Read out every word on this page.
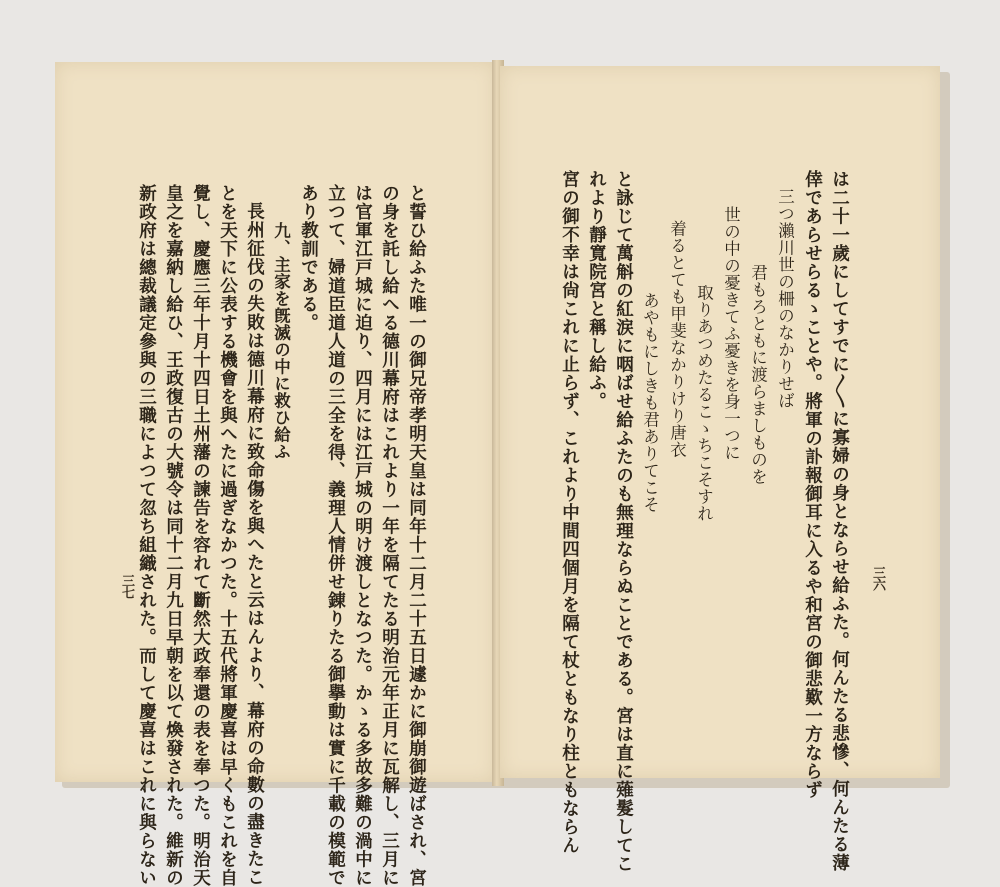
と誓ひ給ふた唯一の御兄帝孝明天皇は同年十二月二十五日遽かに御崩御遊ばされ、宮
の身を託し給へる德川幕府はこれより一年を隔てたる明治元年正月に瓦解し、三月に
は官軍江戸城に迫り、四月には江戸城の明け渡しとなつた。かゝる多故多難の渦中に
立つて、婦道臣道人道の三全を得、義理人情併せ錬りたる御擧動は實に千載の模範で
あり教訓である。
九、主家を旣滅の中に救ひ給ふ
長州征伐の失敗は德川幕府に致命傷を與へたと云はんより、幕府の命數の盡きたこ
とを天下に公表する機會を與へたに過ぎなかつた。十五代將軍慶喜は早くもこれを自
覺し、慶應三年十月十四日土州藩の諫告を容れて斷然大政奉還の表を奉つた。明治天
皇之を嘉納し給ひ、王政復古の大號令は同十二月九日早朝を以て煥發された。維新の
新政府は總裁議定參與の三職によつて忽ち組織された。而して慶喜はこれに與らない
三七	三六
は二十一歲にしてすでに〳〵に寡婦の身とならせ給ふた。何んたる悲慘、何んたる薄
倖であらせらるゝことや。將軍の訃報御耳に入るや和宮の御悲歎一方ならず
三つ瀨川世の柵のなかりせば
君もろともに渡らましものを
世の中の憂きてふ憂きを身一つに
取りあつめたるこゝちこそすれ
着るとても甲斐なかりけり唐衣
あやもにしきも君ありてこそ
と詠じて萬斛の紅涙に咽ばせ給ふたのも無理ならぬことである。宮は直に薙髮してこ
れより靜寬院宮と稱し給ふ。
宮の御不幸は尙これに止らず、これより中間四個月を隔て杖ともなり柱ともならん
